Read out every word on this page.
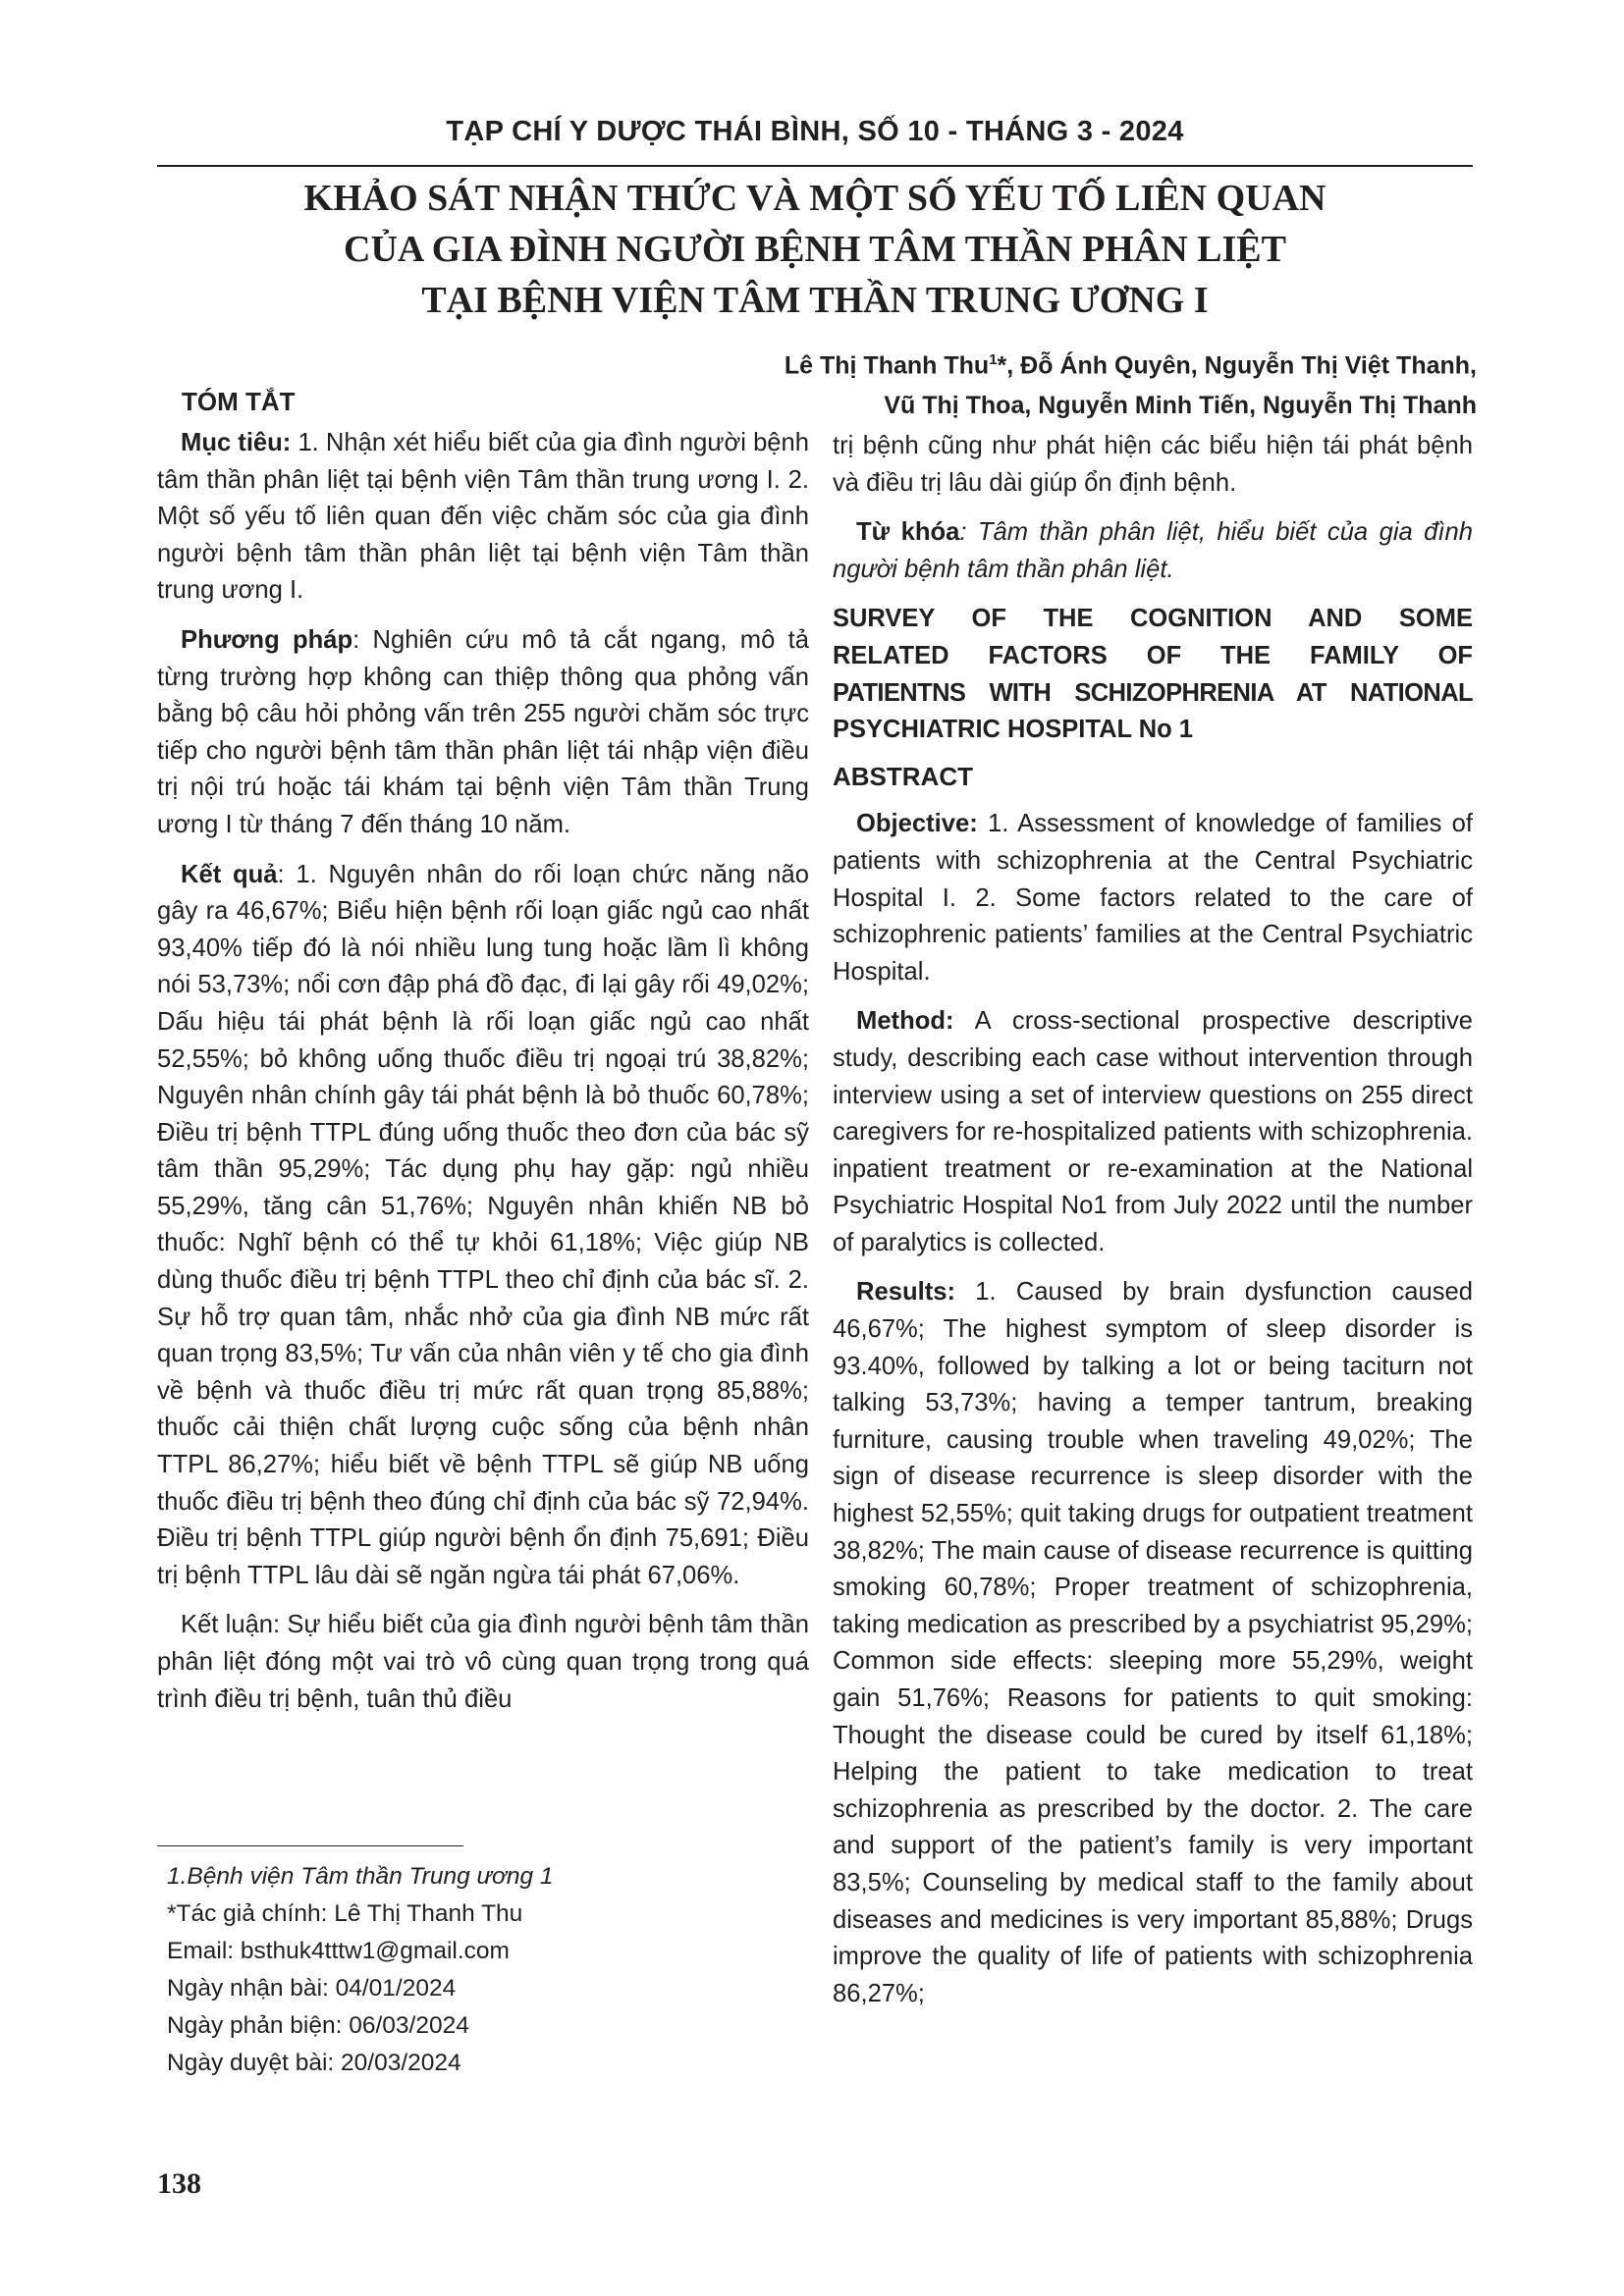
TẠP CHÍ Y DƯỢC THÁI BÌNH, SỐ 10 - THÁNG 3 - 2024
KHẢO SÁT NHẬN THỨC VÀ MỘT SỐ YẾU TỐ LIÊN QUAN
CỦA GIA ĐÌNH NGƯỜI BỆNH TÂM THẦN PHÂN LIỆT
TẠI BỆNH VIỆN TÂM THẦN TRUNG ƯƠNG I
Lê Thị Thanh Thu$^1$*, Đỗ Ánh Quyên, Nguyễn Thị Việt Thanh,
Vũ Thị Thoa, Nguyễn Minh Tiến, Nguyễn Thị Thanh
TÓM TẮT

Mục tiêu: 1. Nhận xét hiểu biết của gia đình người bệnh tâm thần phân liệt tại bệnh viện Tâm thần trung ương I. 2. Một số yếu tố liên quan đến việc chăm sóc của gia đình người bệnh tâm thần phân liệt tại bệnh viện Tâm thần trung ương I.

Phương pháp: Nghiên cứu mô tả cắt ngang, mô tả từng trường hợp không can thiệp thông qua phỏng vấn bằng bộ câu hỏi phỏng vấn trên 255 người chăm sóc trực tiếp cho người bệnh tâm thần phân liệt tái nhập viện điều trị nội trú hoặc tái khám tại bệnh viện Tâm thần Trung ương I từ tháng 7 đến tháng 10 năm.

Kết quả: 1. Nguyên nhân do rối loạn chức năng não gây ra 46,67%; Biểu hiện bệnh rối loạn giấc ngủ cao nhất 93,40% tiếp đó là nói nhiều lung tung hoặc lầm lì không nói 53,73%; nổi cơn đập phá đồ đạc, đi lại gây rối 49,02%; Dấu hiệu tái phát bệnh là rối loạn giấc ngủ cao nhất 52,55%; bỏ không uống thuốc điều trị ngoại trú 38,82%; Nguyên nhân chính gây tái phát bệnh là bỏ thuốc 60,78%; Điều trị bệnh TTPL đúng uống thuốc theo đơn của bác sỹ tâm thần 95,29%; Tác dụng phụ hay gặp: ngủ nhiều 55,29%, tăng cân 51,76%; Nguyên nhân khiến NB bỏ thuốc: Nghĩ bệnh có thể tự khỏi 61,18%; Việc giúp NB dùng thuốc điều trị bệnh TTPL theo chỉ định của bác sĩ. 2. Sự hỗ trợ quan tâm, nhắc nhở của gia đình NB mức rất quan trọng 83,5%; Tư vấn của nhân viên y tế cho gia đình về bệnh và thuốc điều trị mức rất quan trọng 85,88%; thuốc cải thiện chất lượng cuộc sống của bệnh nhân TTPL 86,27%; hiểu biết về bệnh TTPL sẽ giúp NB uống thuốc điều trị bệnh theo đúng chỉ định của bác sỹ 72,94%. Điều trị bệnh TTPL giúp người bệnh ổn định 75,691; Điều trị bệnh TTPL lâu dài sẽ ngăn ngừa tái phát 67,06%.

Kết luận: Sự hiểu biết của gia đình người bệnh tâm thần phân liệt đóng một vai trò vô cùng quan trọng trong quá trình điều trị bệnh, tuân thủ điều

1.Bệnh viện Tâm thần Trung ương 1
*Tác giả chính: Lê Thị Thanh Thu
Email: bsthuk4tttw1@gmail.com
Ngày nhận bài: 04/01/2024
Ngày phản biện: 06/03/2024
Ngày duyệt bài: 20/03/2024

trị bệnh cũng như phát hiện các biểu hiện tái phát bệnh và điều trị lâu dài giúp ổn định bệnh.

Từ khóa: Tâm thần phân liệt, hiểu biết của gia đình người bệnh tâm thần phân liệt.

SURVEY OF THE COGNITION AND SOME
RELATED FACTORS OF THE FAMILY OF
PATIENTNS WITH SCHIZOPHRENIA AT NATIONAL
PSYCHIATRIC HOSPITAL No 1
ABSTRACT

Objective: 1. Assessment of knowledge of families of patients with schizophrenia at the Central Psychiatric Hospital I. 2. Some factors related to the care of schizophrenic patients’ families at the Central Psychiatric Hospital.

Method: A cross-sectional prospective descriptive study, describing each case without intervention through interview using a set of interview questions on 255 direct caregivers for re-hospitalized patients with schizophrenia. inpatient treatment or re-examination at the National Psychiatric Hospital No1 from July 2022 until the number of paralytics is collected.

Results: 1. Caused by brain dysfunction caused 46,67%; The highest symptom of sleep disorder is 93.40%, followed by talking a lot or being taciturn not talking 53,73%; having a temper tantrum, breaking furniture, causing trouble when traveling 49,02%; The sign of disease recurrence is sleep disorder with the highest 52,55%; quit taking drugs for outpatient treatment 38,82%; The main cause of disease recurrence is quitting smoking 60,78%; Proper treatment of schizophrenia, taking medication as prescribed by a psychiatrist 95,29%; Common side effects: sleeping more 55,29%, weight gain 51,76%; Reasons for patients to quit smoking: Thought the disease could be cured by itself 61,18%; Helping the patient to take medication to treat schizophrenia as prescribed by the doctor. 2. The care and support of the patient’s family is very important 83,5%; Counseling by medical staff to the family about diseases and medicines is very important 85,88%; Drugs improve the quality of life of patients with schizophrenia 86,27%;

138
